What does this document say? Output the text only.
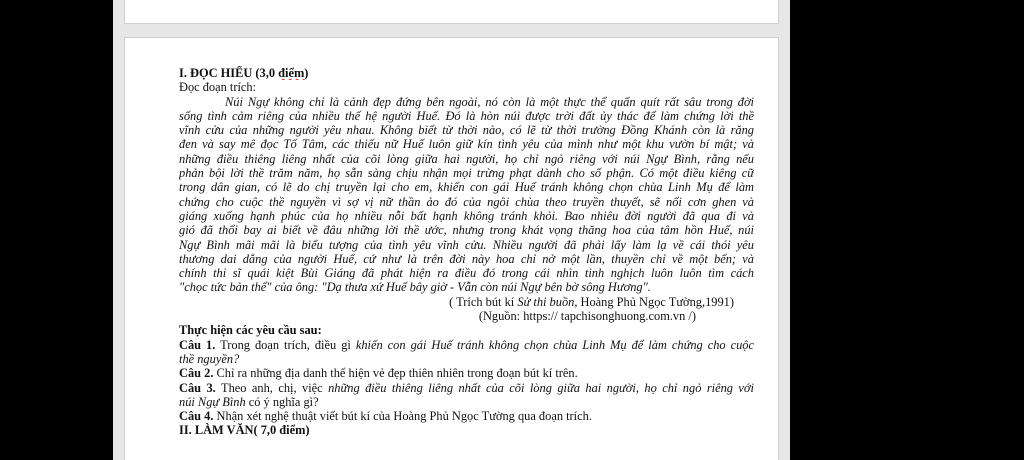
I. ĐỌC HIỂU (3,0 điểm)
Đọc đoạn trích:
Núi Ngự không chỉ là cảnh đẹp đứng bên ngoài, nó còn là một thực thể quấn quít rất sâu trong đời
sống tình cảm riêng của nhiều thế hệ người Huế. Đó là hòn núi được trời đất ủy thác để làm chứng lời thề
vĩnh cửu của những người yêu nhau. Không biết từ thời nào, có lẽ từ thời trường Đồng Khánh còn là răng
đen và say mê đọc Tố Tâm, các thiếu nữ Huế luôn giữ kín tình yêu của mình như một khu vườn bí mật; và
những điều thiêng liêng nhất của cõi lòng giữa hai người, họ chỉ ngỏ riêng với núi Ngự Bình, rằng nếu
phản bội lời thề trăm năm, họ sẵn sàng chịu nhận mọi trừng phạt dành cho số phận. Có một điều kiêng cữ
trong dân gian, có lẽ do chị truyền lại cho em, khiến con gái Huế tránh không chọn chùa Linh Mụ để làm
chứng cho cuộc thề nguyền vì sợ vị nữ thần ảo đó của ngôi chùa theo truyền thuyết, sẽ nổi cơn ghen và
giáng xuống hạnh phúc của họ nhiều nỗi bất hạnh không tránh khỏi. Bao nhiêu đời người đã qua đi và
gió đã thổi bay ai biết về đâu những lời thề ước, nhưng trong khát vọng thăng hoa của tâm hồn Huế, núi
Ngự Bình mãi mãi là biểu tượng của tình yêu vĩnh cửu. Nhiều người đã phải lấy làm lạ về cái thói yêu
thương dai dẳng của người Huế, cứ như là trên đời này hoa chỉ nở một lần, thuyền chỉ về một bến; và
chính thi sĩ quái kiệt Bùi Giáng đã phát hiện ra điều đó trong cái nhìn tinh nghịch luôn luôn tìm cách
"chọc tức bản thể" của ông: "Dạ thưa xứ Huế bây giờ - Vẫn còn núi Ngự bên bờ sông Hương".
( Trích bút kí Sử thi buồn, Hoàng Phủ Ngọc Tường,1991)
(Nguồn: https:// tapchisonghuong.com.vn /)
Thực hiện các yêu cầu sau:
Câu 1. Trong đoạn trích, điều gì khiến con gái Huế tránh không chọn chùa Linh Mụ để làm chứng cho cuộc
thề nguyền?
Câu 2. Chỉ ra những địa danh thể hiện vẻ đẹp thiên nhiên trong đoạn bút kí trên.
Câu 3. Theo anh, chị, việc những điều thiêng liêng nhất của cõi lòng giữa hai người, họ chỉ ngỏ riêng với
núi Ngự Bình có ý nghĩa gì?
Câu 4. Nhận xét nghệ thuật viết bút kí của Hoàng Phủ Ngọc Tường qua đoạn trích.
II. LÀM VĂN( 7,0 điểm)
